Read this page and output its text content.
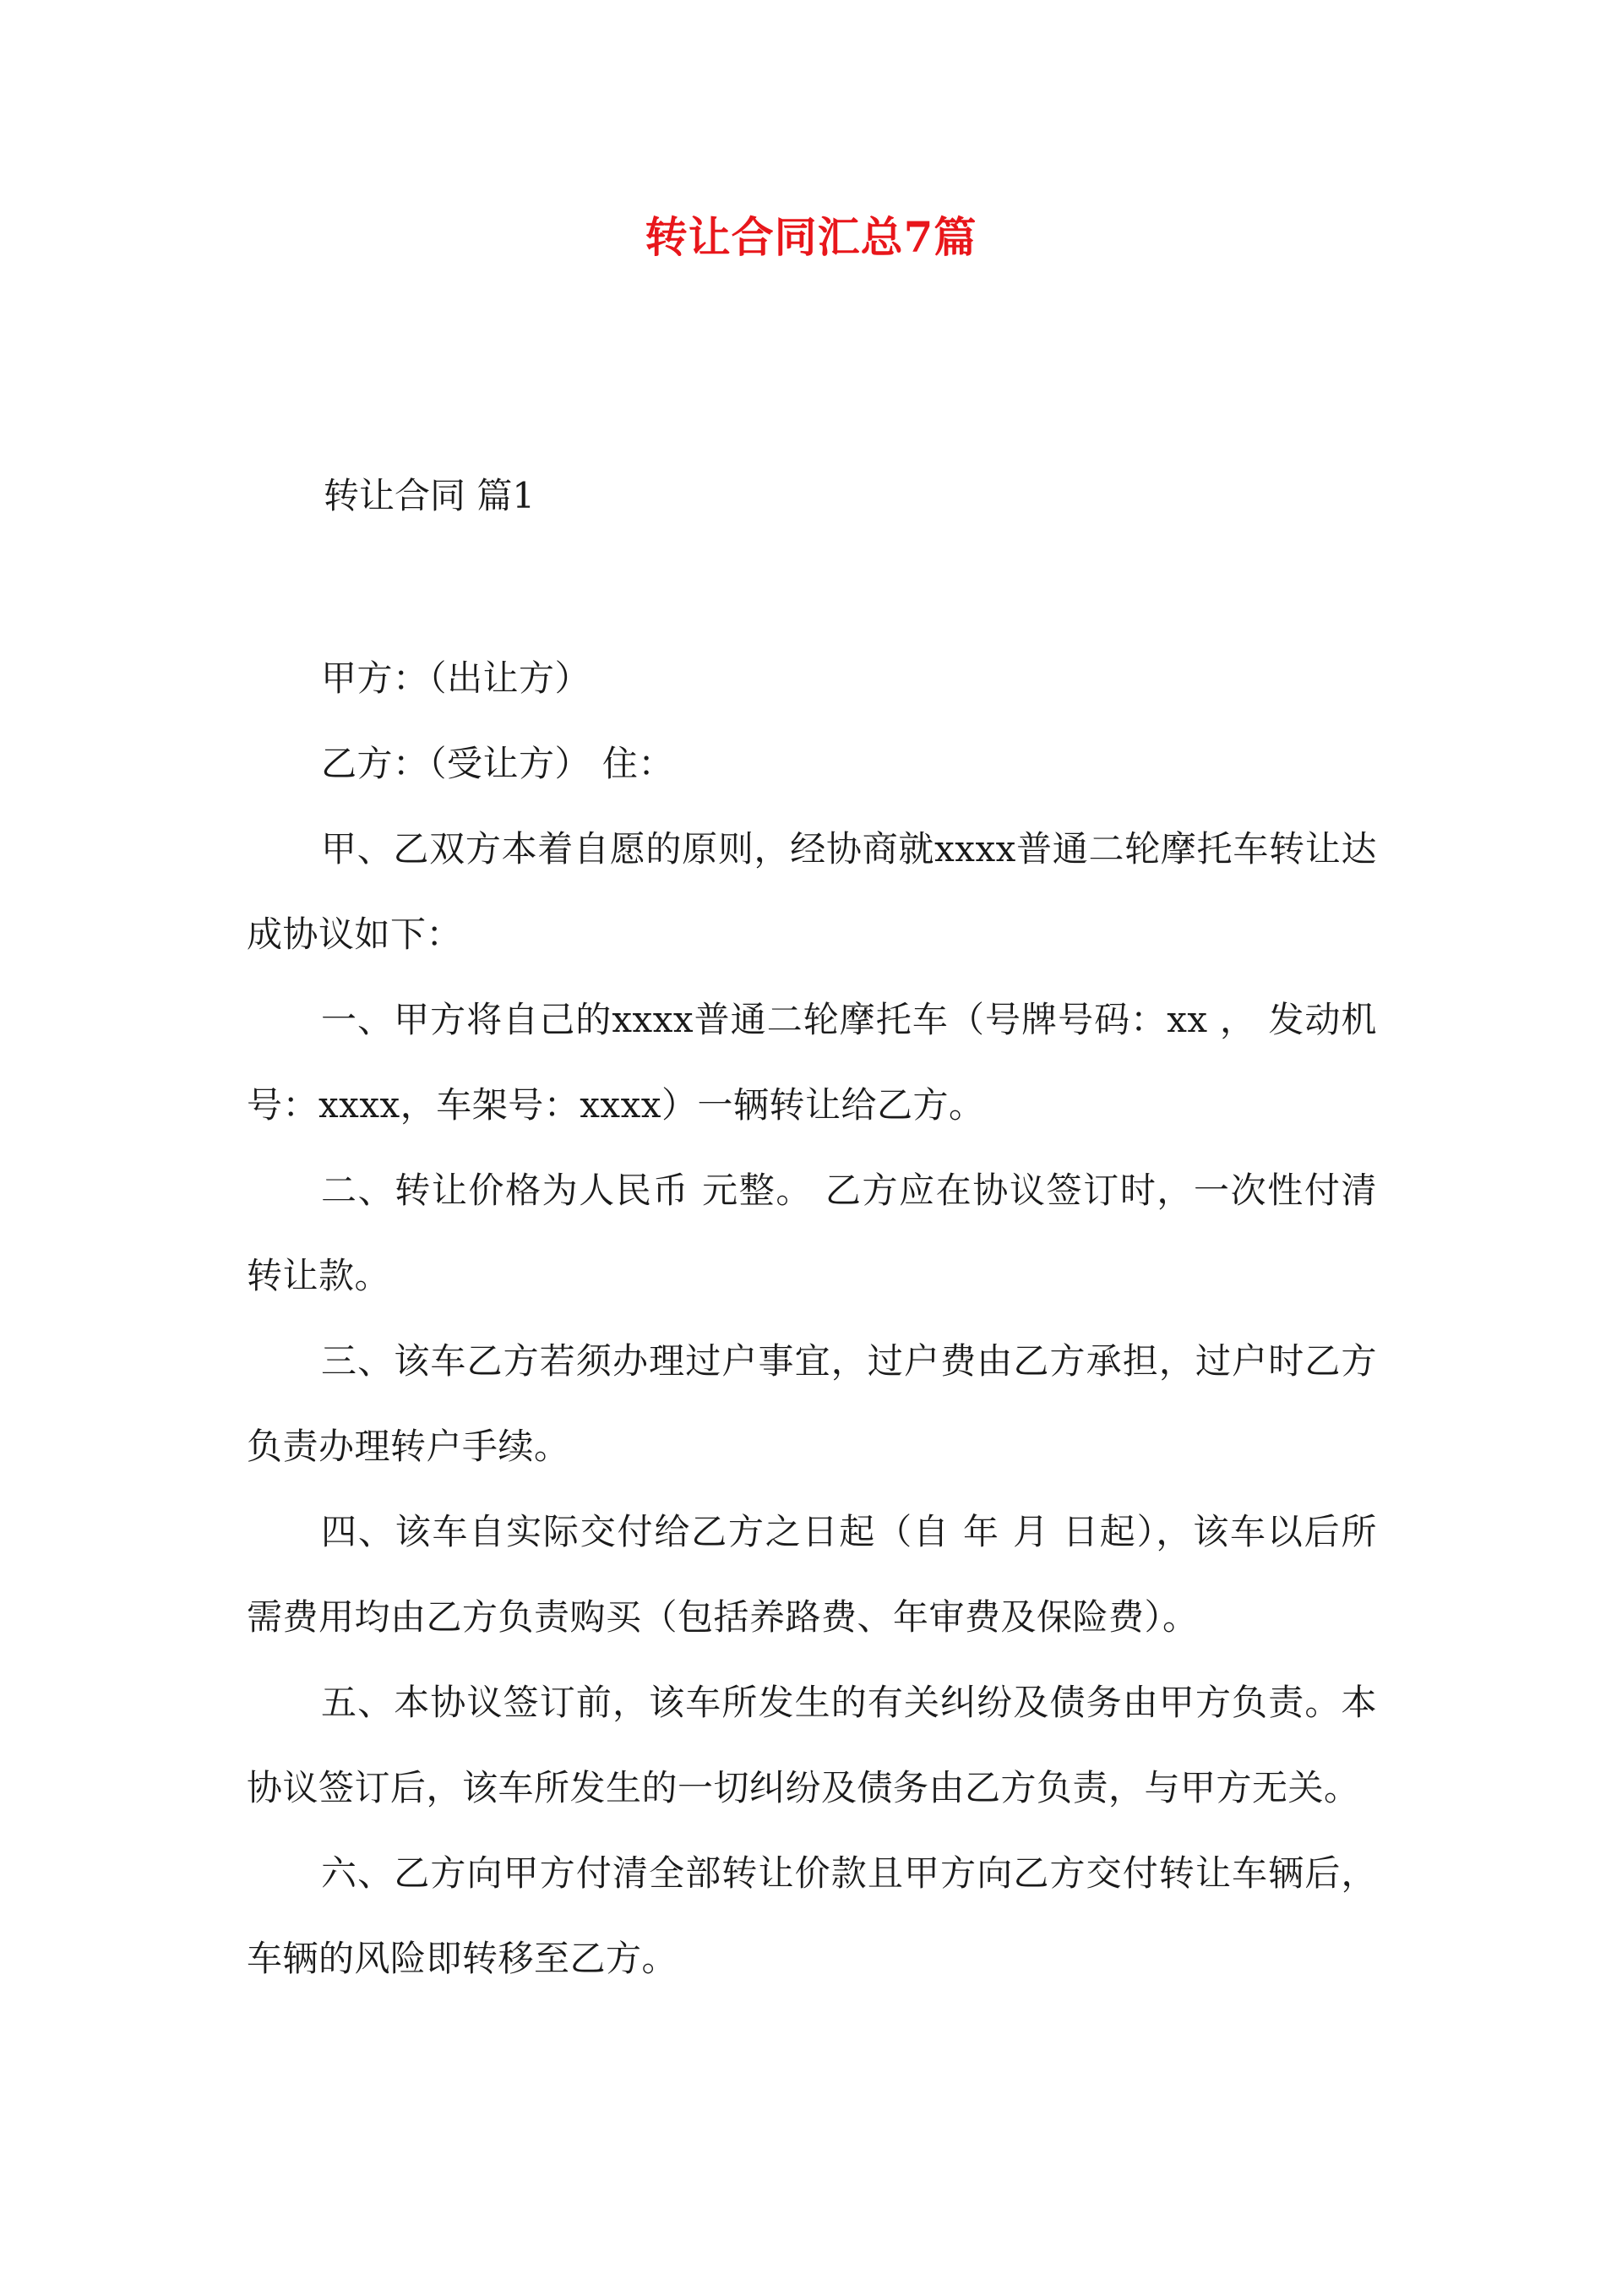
转让合同汇总7篇
转让合同 篇1

甲方：（出让方）

乙方：（受让方） 住：

甲、乙双方本着自愿的原则，经协商就xxxx普通二轮摩托车转让达成协议如下：

一、甲方将自己的xxxx普通二轮摩托车（号牌号码：xx ， 发动机号：xxxx，车架号：xxxx）一辆转让给乙方。

二、转让价格为人民币 元整。 乙方应在协议签订时，一次性付清转让款。

三、该车乙方若须办理过户事宜，过户费由乙方承担，过户时乙方负责办理转户手续。

四、该车自实际交付给乙方之日起（自 年 月 日起），该车以后所需费用均由乙方负责购买（包括养路费、年审费及保险费）。

五、本协议签订前，该车所发生的有关纠纷及债务由甲方负责。本协议签订后，该车所发生的一切纠纷及债务由乙方负责，与甲方无关。

六、乙方向甲方付清全部转让价款且甲方向乙方交付转让车辆后，车辆的风险即转移至乙方。
